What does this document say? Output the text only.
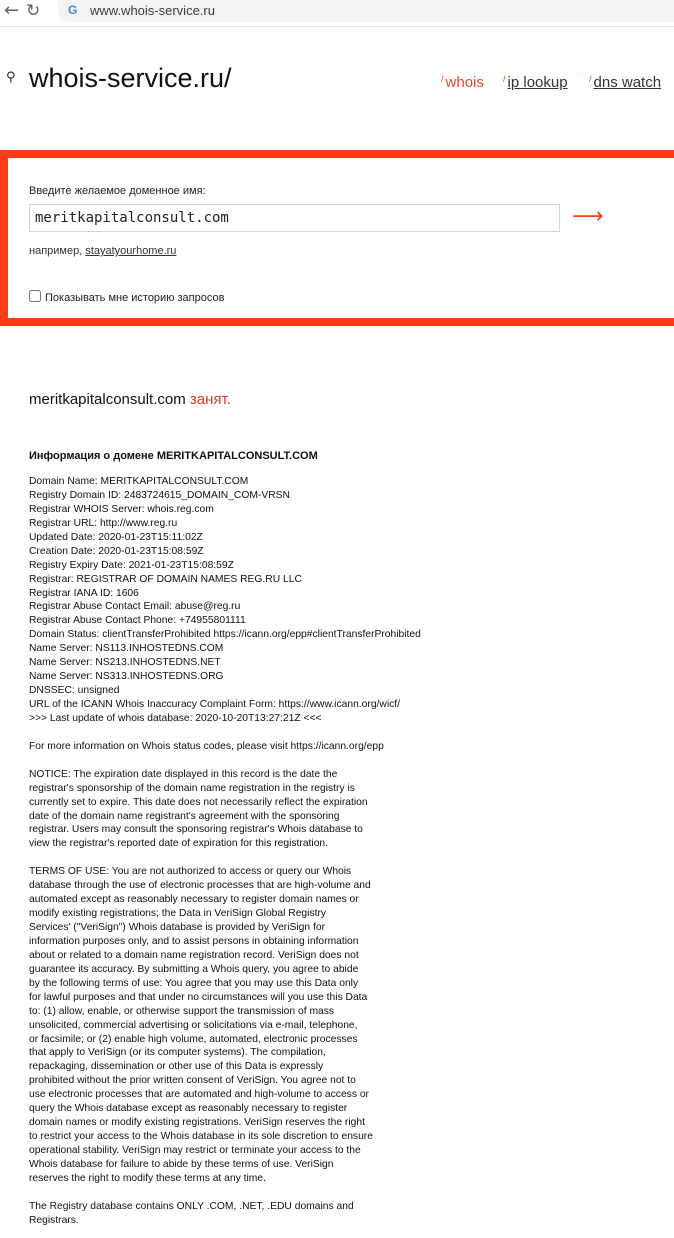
← ↻ G www.whois-service.ru
⚲ whois-service.ru/	/ whois / ip lookup / dns watch
Введите желаемое доменное имя:
meritkapitalconsult.com
⟶
например, stayatyourhome.ru
Показывать мне историю запросов
meritkapitalconsult.com занят.
Информация о домене MERITKAPITALCONSULT.COM
Domain Name: MERITKAPITALCONSULT.COM
Registry Domain ID: 2483724615_DOMAIN_COM-VRSN
Registrar WHOIS Server: whois.reg.com
Registrar URL: http://www.reg.ru
Updated Date: 2020-01-23T15:11:02Z
Creation Date: 2020-01-23T15:08:59Z
Registry Expiry Date: 2021-01-23T15:08:59Z
Registrar: REGISTRAR OF DOMAIN NAMES REG.RU LLC
Registrar IANA ID: 1606
Registrar Abuse Contact Email: abuse@reg.ru
Registrar Abuse Contact Phone: +74955801111
Domain Status: clientTransferProhibited https://icann.org/epp#clientTransferProhibited
Name Server: NS113.INHOSTEDNS.COM
Name Server: NS213.INHOSTEDNS.NET
Name Server: NS313.INHOSTEDNS.ORG
DNSSEC: unsigned
URL of the ICANN Whois Inaccuracy Complaint Form: https://www.icann.org/wicf/
>>> Last update of whois database: 2020-10-20T13:27:21Z <<<
For more information on Whois status codes, please visit https://icann.org/epp
NOTICE: The expiration date displayed in this record is the date the
registrar's sponsorship of the domain name registration in the registry is
currently set to expire. This date does not necessarily reflect the expiration
date of the domain name registrant's agreement with the sponsoring
registrar. Users may consult the sponsoring registrar's Whois database to
view the registrar's reported date of expiration for this registration.
TERMS OF USE: You are not authorized to access or query our Whois
database through the use of electronic processes that are high-volume and
automated except as reasonably necessary to register domain names or
modify existing registrations; the Data in VeriSign Global Registry
Services' ("VeriSign") Whois database is provided by VeriSign for
information purposes only, and to assist persons in obtaining information
about or related to a domain name registration record. VeriSign does not
guarantee its accuracy. By submitting a Whois query, you agree to abide
by the following terms of use: You agree that you may use this Data only
for lawful purposes and that under no circumstances will you use this Data
to: (1) allow, enable, or otherwise support the transmission of mass
unsolicited, commercial advertising or solicitations via e-mail, telephone,
or facsimile; or (2) enable high volume, automated, electronic processes
that apply to VeriSign (or its computer systems). The compilation,
repackaging, dissemination or other use of this Data is expressly
prohibited without the prior written consent of VeriSign. You agree not to
use electronic processes that are automated and high-volume to access or
query the Whois database except as reasonably necessary to register
domain names or modify existing registrations. VeriSign reserves the right
to restrict your access to the Whois database in its sole discretion to ensure
operational stability. VeriSign may restrict or terminate your access to the
Whois database for failure to abide by these terms of use. VeriSign
reserves the right to modify these terms at any time.
The Registry database contains ONLY .COM, .NET, .EDU domains and
Registrars.
